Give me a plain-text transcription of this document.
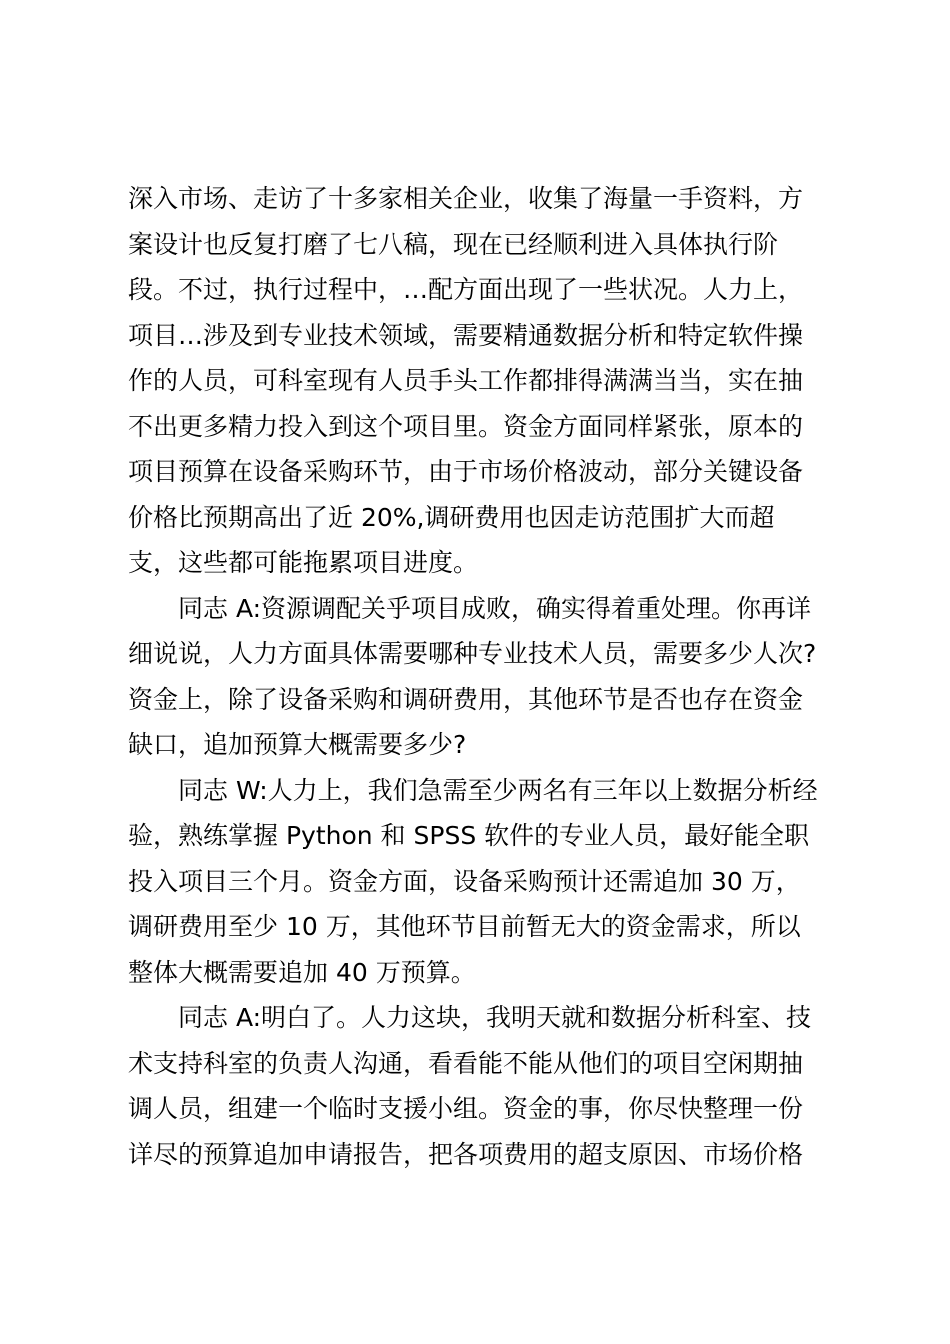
深入市场、走访了十多家相关企业，收集了海量一手资料，方
案设计也反复打磨了七八稿，现在已经顺利进入具体执行阶
段。不过，执行过程中，…配方面出现了一些状况。人力上，
项目…涉及到专业技术领域，需要精通数据分析和特定软件操
作的人员，可科室现有人员手头工作都排得满满当当，实在抽
不出更多精力投入到这个项目里。资金方面同样紧张，原本的
项目预算在设备采购环节，由于市场价格波动，部分关键设备
价格比预期高出了近 20%,调研费用也因走访范围扩大而超
支，这些都可能拖累项目进度。
同志 A:资源调配关乎项目成败，确实得着重处理。你再详
细说说，人力方面具体需要哪种专业技术人员，需要多少人次?
资金上，除了设备采购和调研费用，其他环节是否也存在资金
缺口，追加预算大概需要多少?
同志 W:人力上，我们急需至少两名有三年以上数据分析经
验，熟练掌握 Python 和 SPSS 软件的专业人员，最好能全职
投入项目三个月。资金方面，设备采购预计还需追加 30 万，
调研费用至少 10 万，其他环节目前暂无大的资金需求，所以
整体大概需要追加 40 万预算。
同志 A:明白了。人力这块，我明天就和数据分析科室、技
术支持科室的负责人沟通，看看能不能从他们的项目空闲期抽
调人员，组建一个临时支援小组。资金的事，你尽快整理一份
详尽的预算追加申请报告，把各项费用的超支原因、市场价格
